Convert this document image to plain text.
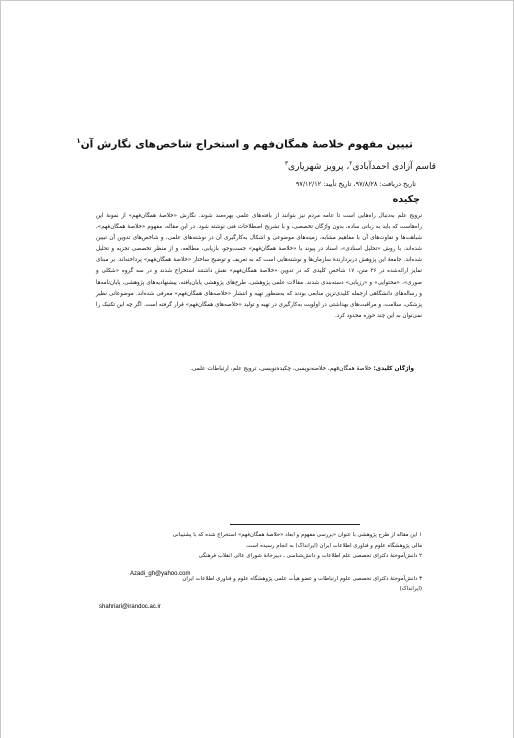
تبیین مفهوم خلاصهٔ همگان‌فهم و استخراج شاخص‌های نگارش آن$^۱$
قاسم آزادی احمدآبادی$^۲$، پرویز شهریاری$^۳$
تاریخ دریافت: ۹۷/۸/۲۸، تاریخ تأیید: ۹۷/۱۲/۱۲
چکیده
ترویج علم به‌دنبال راه‌هایی است تا عامه مردم نیز بتوانند از یافته‌های علمی بهره‌مند شوند. نگارش «خلاصهٔ همگان‌فهم» از نمونهٔ این راه‌هاست که باید به زبانی ساده، بدون واژگان تخصصی، و با تشریح اصطلاحات فنی نوشته شود. در این مقاله، مفهوم «خلاصهٔ همگان‌فهم»، شباهت‌ها و تفاوت‌های آن با مفاهیم مشابه، زمینه‌های موضوعی و اشکال به‌کارگیری آن در نوشته‌های علمی، و شاخص‌های تدوین آن تبیین شده‌اند. با روش «تحلیل اسنادی»، اسناد در پیوند با «خلاصهٔ همگان‌فهم» جست‌وجو، بازیابی، مطالعه، و از منظر تخصصی تجزیه و تحلیل شده‌اند. جامعهٔ این پژوهش دربردارندهٔ سازمان‌ها و نوشته‌هایی است که به تعریف و توضیح ساختار «خلاصهٔ همگان‌فهم» پرداخته‌اند. بر مبنای تمایز ارائه‌شده در ۳۶ متن، ۱۷ شاخص کلیدی که در تدوین «خلاصهٔ همگان‌فهم» نقش داشتند استخراج شدند و در سه گروه «شکلی و صوری»، «محتوایی» و «رزیابی» دسته‌بندی شدند. مقالات علمی پژوهشی، طرح‌های پژوهشی پایان‌یافته، پیشنهادیه‌های پژوهشی، پایان‌نامه‌ها و رساله‌های دانشگاهی ازجمله کلیدی‌ترین منابعی بودند که به‌منظور تهیه و انتشار «خلاصه‌های همگان‌فهم» معرفی شده‌اند. موضوعاتی نظیر پزشکی، سلامت، و مراقبت‌های بهداشتی در اولویت به‌کارگیری در تهیه و تولید «خلاصه‌های همگان‌فهم» قرار گرفته است. اگر چه این تکنیک را نمی‌توان به این چند حوزه محدود کرد.
واژگان کلیدی: خلاصهٔ همگان‌فهم، خلاصه‌نویسی، چکیده‌نویسی، ترویج علم، ارتباطات علمی.
۱ این مقاله از طرح پژوهشی با عنوان «بررسی مفهوم و ابعاد «خلاصهٔ همگان‌فهم» استخراج شده که با پشتیبانی
مالی پژوهشگاه علوم و فناوری اطلاعات ایران (ایرانداک) به انجام رسیده است.
۲ دانش‌آموختهٔ دکترای تخصصی علم اطلاعات و دانش‌شناسی ـ دبیرخانهٔ شورای عالی انقلاب فرهنگی
۳ دانش‌آموختهٔ دکترای تخصصی علوم ارتباطات و عضو هیأت علمی پژوهشگاه علوم و فناوری اطلاعات ایران
(ایرانداک)
Azadi_gh@yahoo.com
shahriari@irandoc.ac.ir
